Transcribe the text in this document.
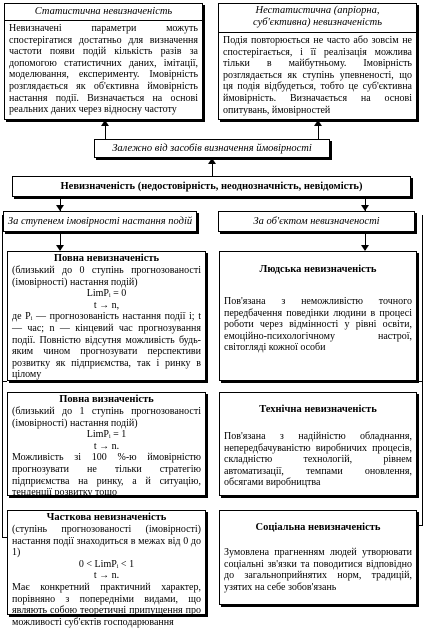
Статистична невизначеність
Невизначені параметри можуть спостерігатися достатньо для визначення частоти появи подій кількість разів за допомогою статистичних даних, імітації, моделювання, експерименту. Імовірність розглядається як об'єктивна ймовірність настання події. Визначається на основі реальних даних через відносну частоту
Нестатистична (апріорна, суб'єктивна) невизначеність
Подія повторюється не часто або зовсім не спостерігається, і її реалізація можлива тільки в майбутньому. Імовірність розглядається як ступінь упевненості, що ця подія відбудеться, тобто це суб'єктивна ймовірність. Визначається на основі опитувань, ймовірностей
Залежно від засобів визначення ймовірності
Невизначеність (недостовірність, неоднозначність, невідомість)
За ступенем імовірності настання подій	За об'єктом невизначеності
Повна невизначеність
(близький до 0 ступінь прогнозованості (імовірності) настання подій)
LimPᵢ = 0
t → n,
де Pᵢ — прогнозованість настання події i; t — час; n — кінцевий час прогнозування події. Повністю відсутня можливість будь-яким чином прогнозувати перспективи розвитку як підприємства, так і ринку в цілому
Повна визначеність
(близький до 1 ступінь прогнозованості (імовірності) настання подій)
LimPᵢ = 1
t → n.
Можливість зі 100 %-ю ймовірністю прогнозувати не тільки стратегію підприємства на ринку, а й ситуацію, тенденції розвитку тощо
Часткова невизначеність
(ступінь прогнозованості (імовірності) настання події знаходиться в межах від 0 до 1)
0 < LimPᵢ < 1
t → n.
Має конкретний практичний характер, порівняно з попередніми видами, що являють собою теоретичні припущення про можливості суб'єктів господарювання
Людська невизначеність
Пов'язана з неможливістю точного передбачення поведінки людини в процесі роботи через відмінності у рівні освіти, емоційно-психологічному настрої, світогляді кожної особи
Технічна невизначеність
Пов'язана з надійністю обладнання, непередбачуваністю виробничих процесів, складністю технологій, рівнем автоматизації, темпами оновлення, обсягами виробництва
Соціальна невизначеність
Зумовлена прагненням людей утворювати соціальні зв'язки та поводитися відповідно до загальноприйнятих норм, традицій, узятих на себе зобов'язань
